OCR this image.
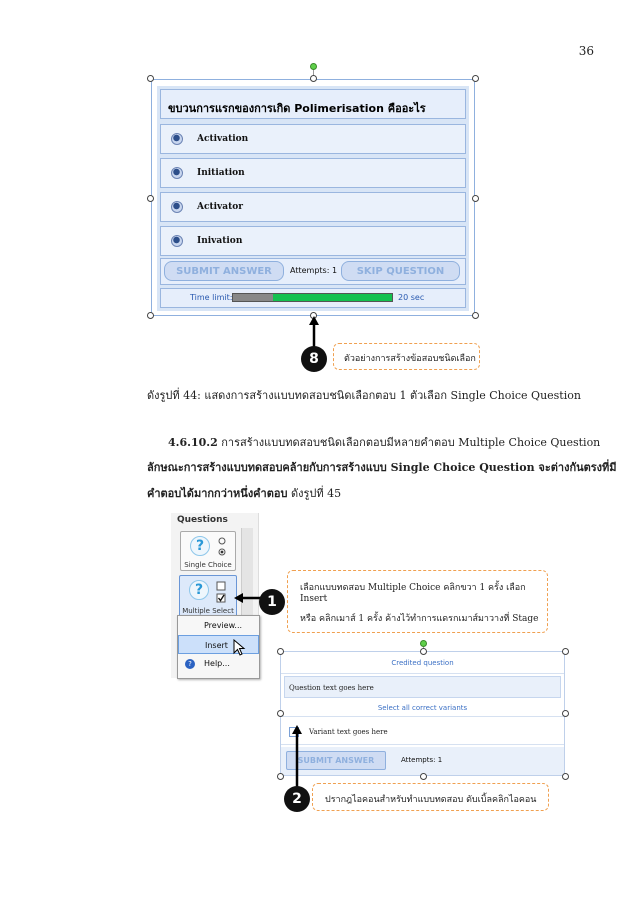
36
ขบวนการแรกของการเกิด Polimerisation คืออะไร
Activation
Initiation
Activator
Inivation
SUBMIT ANSWER	Attempts: 1	SKIP QUESTION
Time limit:	20 sec
8	ตัวอย่างการสร้างข้อสอบชนิดเลือก
ดังรูปที่ 44: แสดงการสร้างแบบทดสอบชนิดเลือกตอบ 1 ตัวเลือก Single Choice Question
4.6.10.2 การสร้างแบบทดสอบชนิดเลือกตอบมีหลายคำตอบ Multiple Choice Question
ลักษณะการสร้างแบบทดสอบคล้ายกับการสร้างแบบ Single Choice Question จะต่างกันตรงที่มี
คำตอบได้มากกว่าหนึ่งคำตอบ ดังรูปที่ 45
Questions
?
Single Choice
?
Multiple Select
Preview...
Insert
?	Help...
1
เลือกแบบทดสอบ Multiple Choice คลิกขวา 1 ครั้ง เลือก Insert
หรือ คลิกเมาส์ 1 ครั้ง ค้างไว้ทำการแดรกเมาส์มาวางที่ Stage
Credited question
Question text goes here
Select all correct variants
Variant text goes here
SUBMIT ANSWER	Attempts: 1
2	ปรากฎไอคอนสำหรับทำแบบทดสอบ ดับเบิ้ลคลิกไอคอน
